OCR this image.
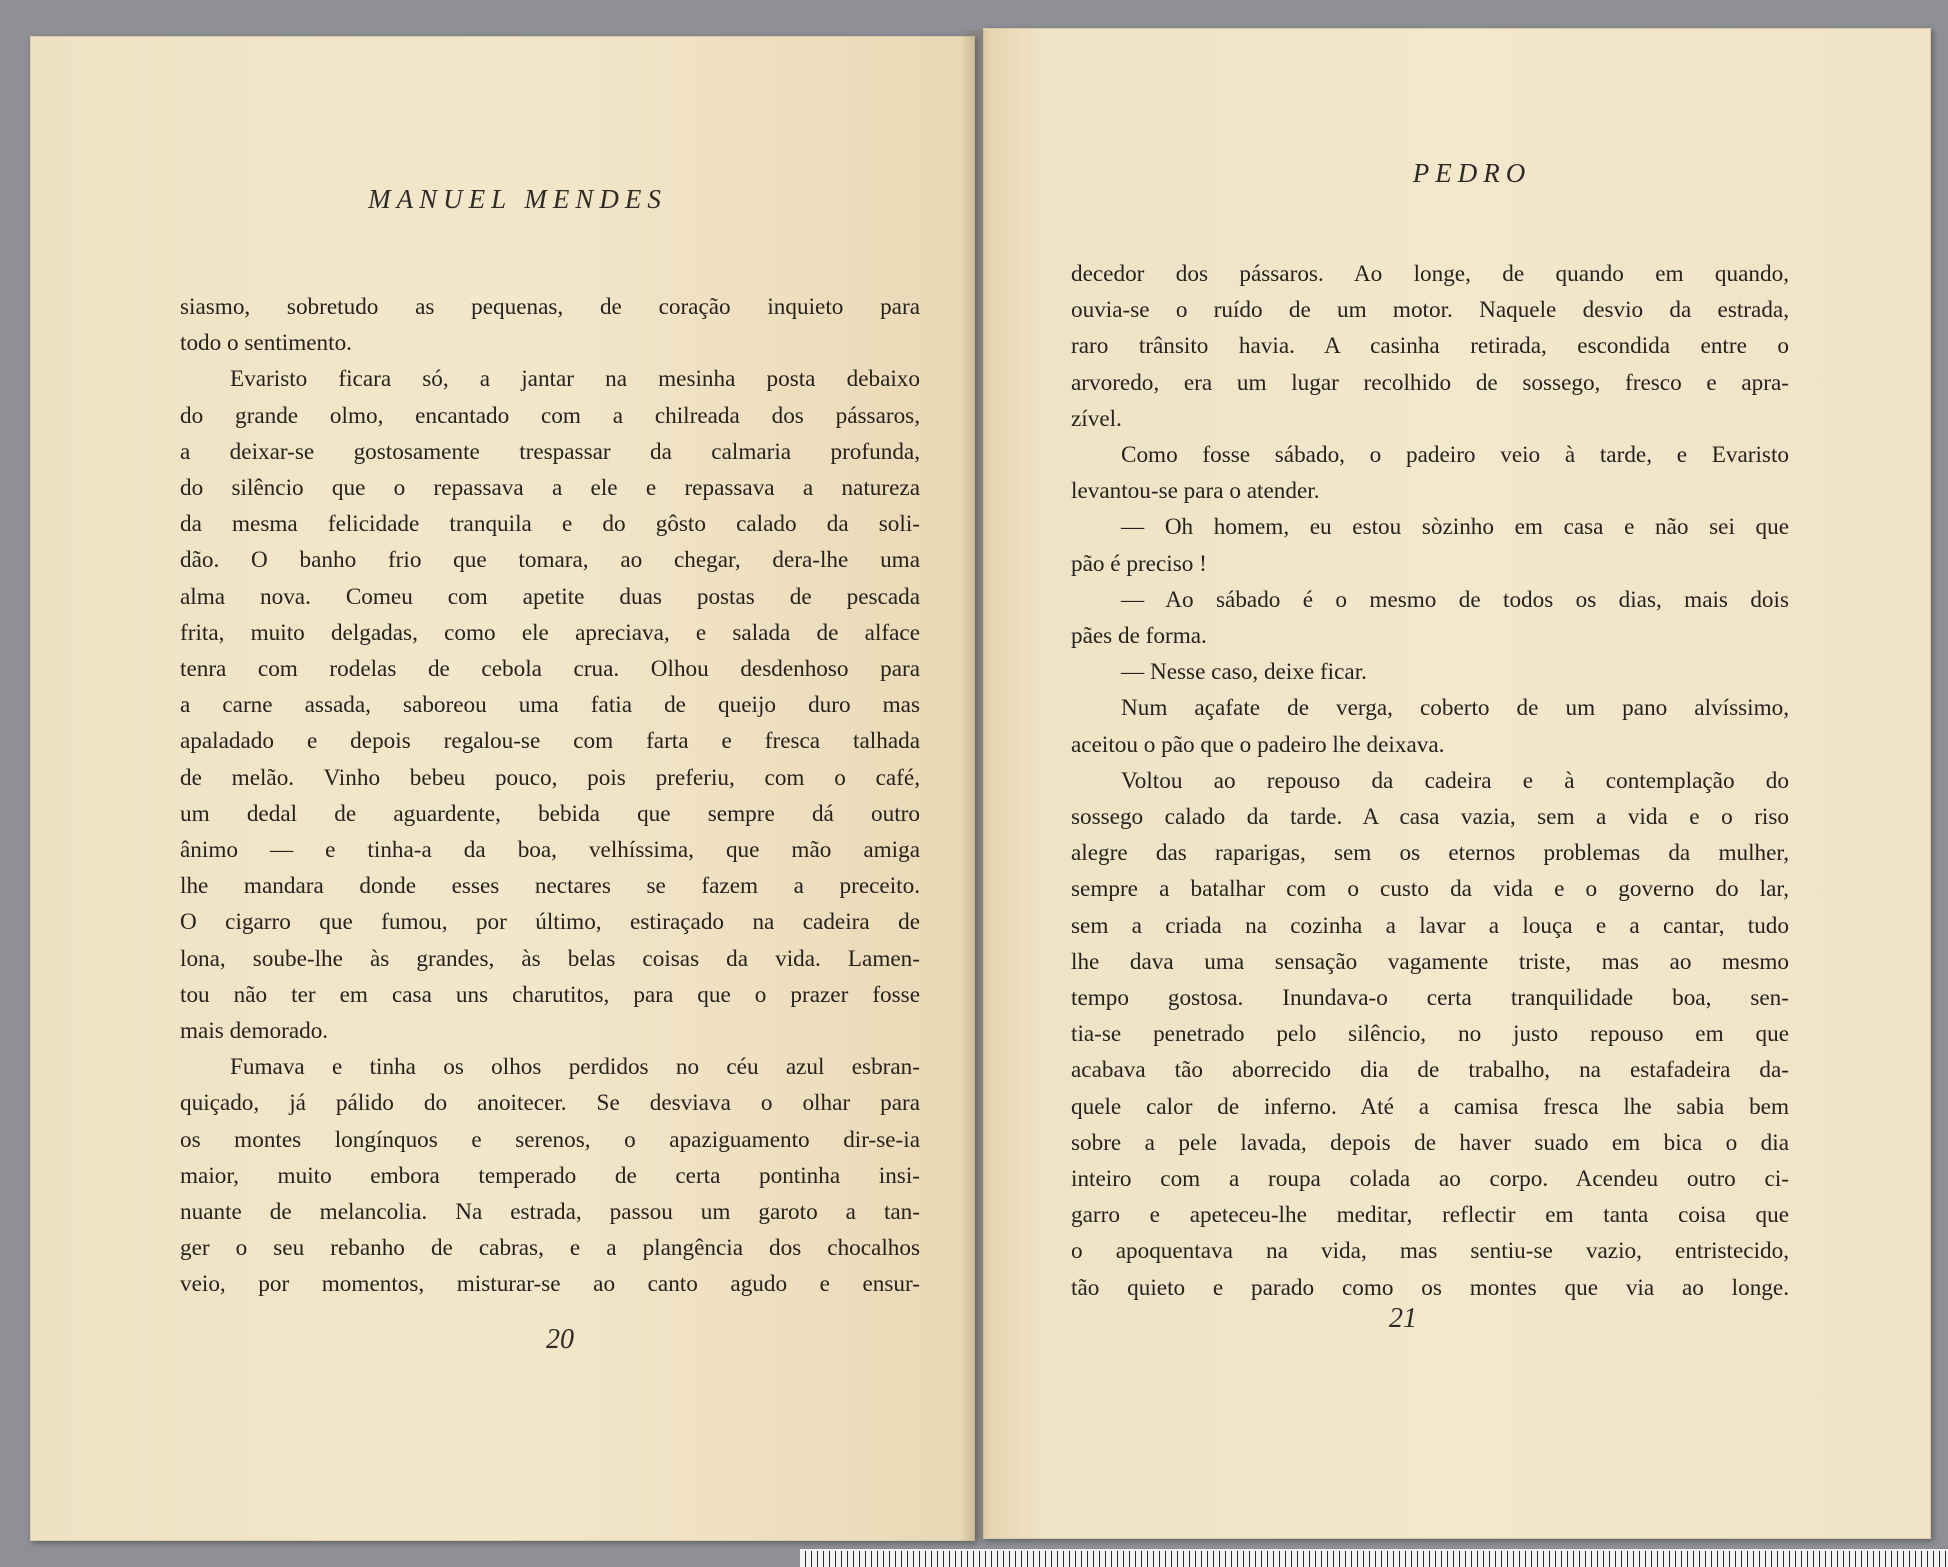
MANUEL MENDES

siasmo, sobretudo as pequenas, de coração inquieto para

todo o sentimento.

Evaristo ficara só, a jantar na mesinha posta debaixo

do grande olmo, encantado com a chilreada dos pássaros,

a deixar-se gostosamente trespassar da calmaria profunda,

do silêncio que o repassava a ele e repassava a natureza

da mesma felicidade tranquila e do gôsto calado da soli-

dão. O banho frio que tomara, ao chegar, dera-lhe uma

alma nova. Comeu com apetite duas postas de pescada

frita, muito delgadas, como ele apreciava, e salada de alface

tenra com rodelas de cebola crua. Olhou desdenhoso para

a carne assada, saboreou uma fatia de queijo duro mas

apaladado e depois regalou-se com farta e fresca talhada

de melão. Vinho bebeu pouco, pois preferiu, com o café,

um dedal de aguardente, bebida que sempre dá outro

ânimo — e tinha-a da boa, velhíssima, que mão amiga

lhe mandara donde esses nectares se fazem a preceito.

O cigarro que fumou, por último, estiraçado na cadeira de

lona, soube-lhe às grandes, às belas coisas da vida. Lamen-

tou não ter em casa uns charutitos, para que o prazer fosse

mais demorado.

Fumava e tinha os olhos perdidos no céu azul esbran-

quiçado, já pálido do anoitecer. Se desviava o olhar para

os montes longínquos e serenos, o apaziguamento dir-se-ia

maior, muito embora temperado de certa pontinha insi-

nuante de melancolia. Na estrada, passou um garoto a tan-

ger o seu rebanho de cabras, e a plangência dos chocalhos

veio, por momentos, misturar-se ao canto agudo e ensur-

20
PEDRO

decedor dos pássaros. Ao longe, de quando em quando,

ouvia-se o ruído de um motor. Naquele desvio da estrada,

raro trânsito havia. A casinha retirada, escondida entre o

arvoredo, era um lugar recolhido de sossego, fresco e apra-

zível.

Como fosse sábado, o padeiro veio à tarde, e Evaristo

levantou-se para o atender.

— Oh homem, eu estou sòzinho em casa e não sei que

pão é preciso !

— Ao sábado é o mesmo de todos os dias, mais dois

pães de forma.

— Nesse caso, deixe ficar.

Num açafate de verga, coberto de um pano alvíssimo,

aceitou o pão que o padeiro lhe deixava.

Voltou ao repouso da cadeira e à contemplação do

sossego calado da tarde. A casa vazia, sem a vida e o riso

alegre das raparigas, sem os eternos problemas da mulher,

sempre a batalhar com o custo da vida e o governo do lar,

sem a criada na cozinha a lavar a louça e a cantar, tudo

lhe dava uma sensação vagamente triste, mas ao mesmo

tempo gostosa. Inundava-o certa tranquilidade boa, sen-

tia-se penetrado pelo silêncio, no justo repouso em que

acabava tão aborrecido dia de trabalho, na estafadeira da-

quele calor de inferno. Até a camisa fresca lhe sabia bem

sobre a pele lavada, depois de haver suado em bica o dia

inteiro com a roupa colada ao corpo. Acendeu outro ci-

garro e apeteceu-lhe meditar, reflectir em tanta coisa que

o apoquentava na vida, mas sentiu-se vazio, entristecido,

tão quieto e parado como os montes que via ao longe.

21
